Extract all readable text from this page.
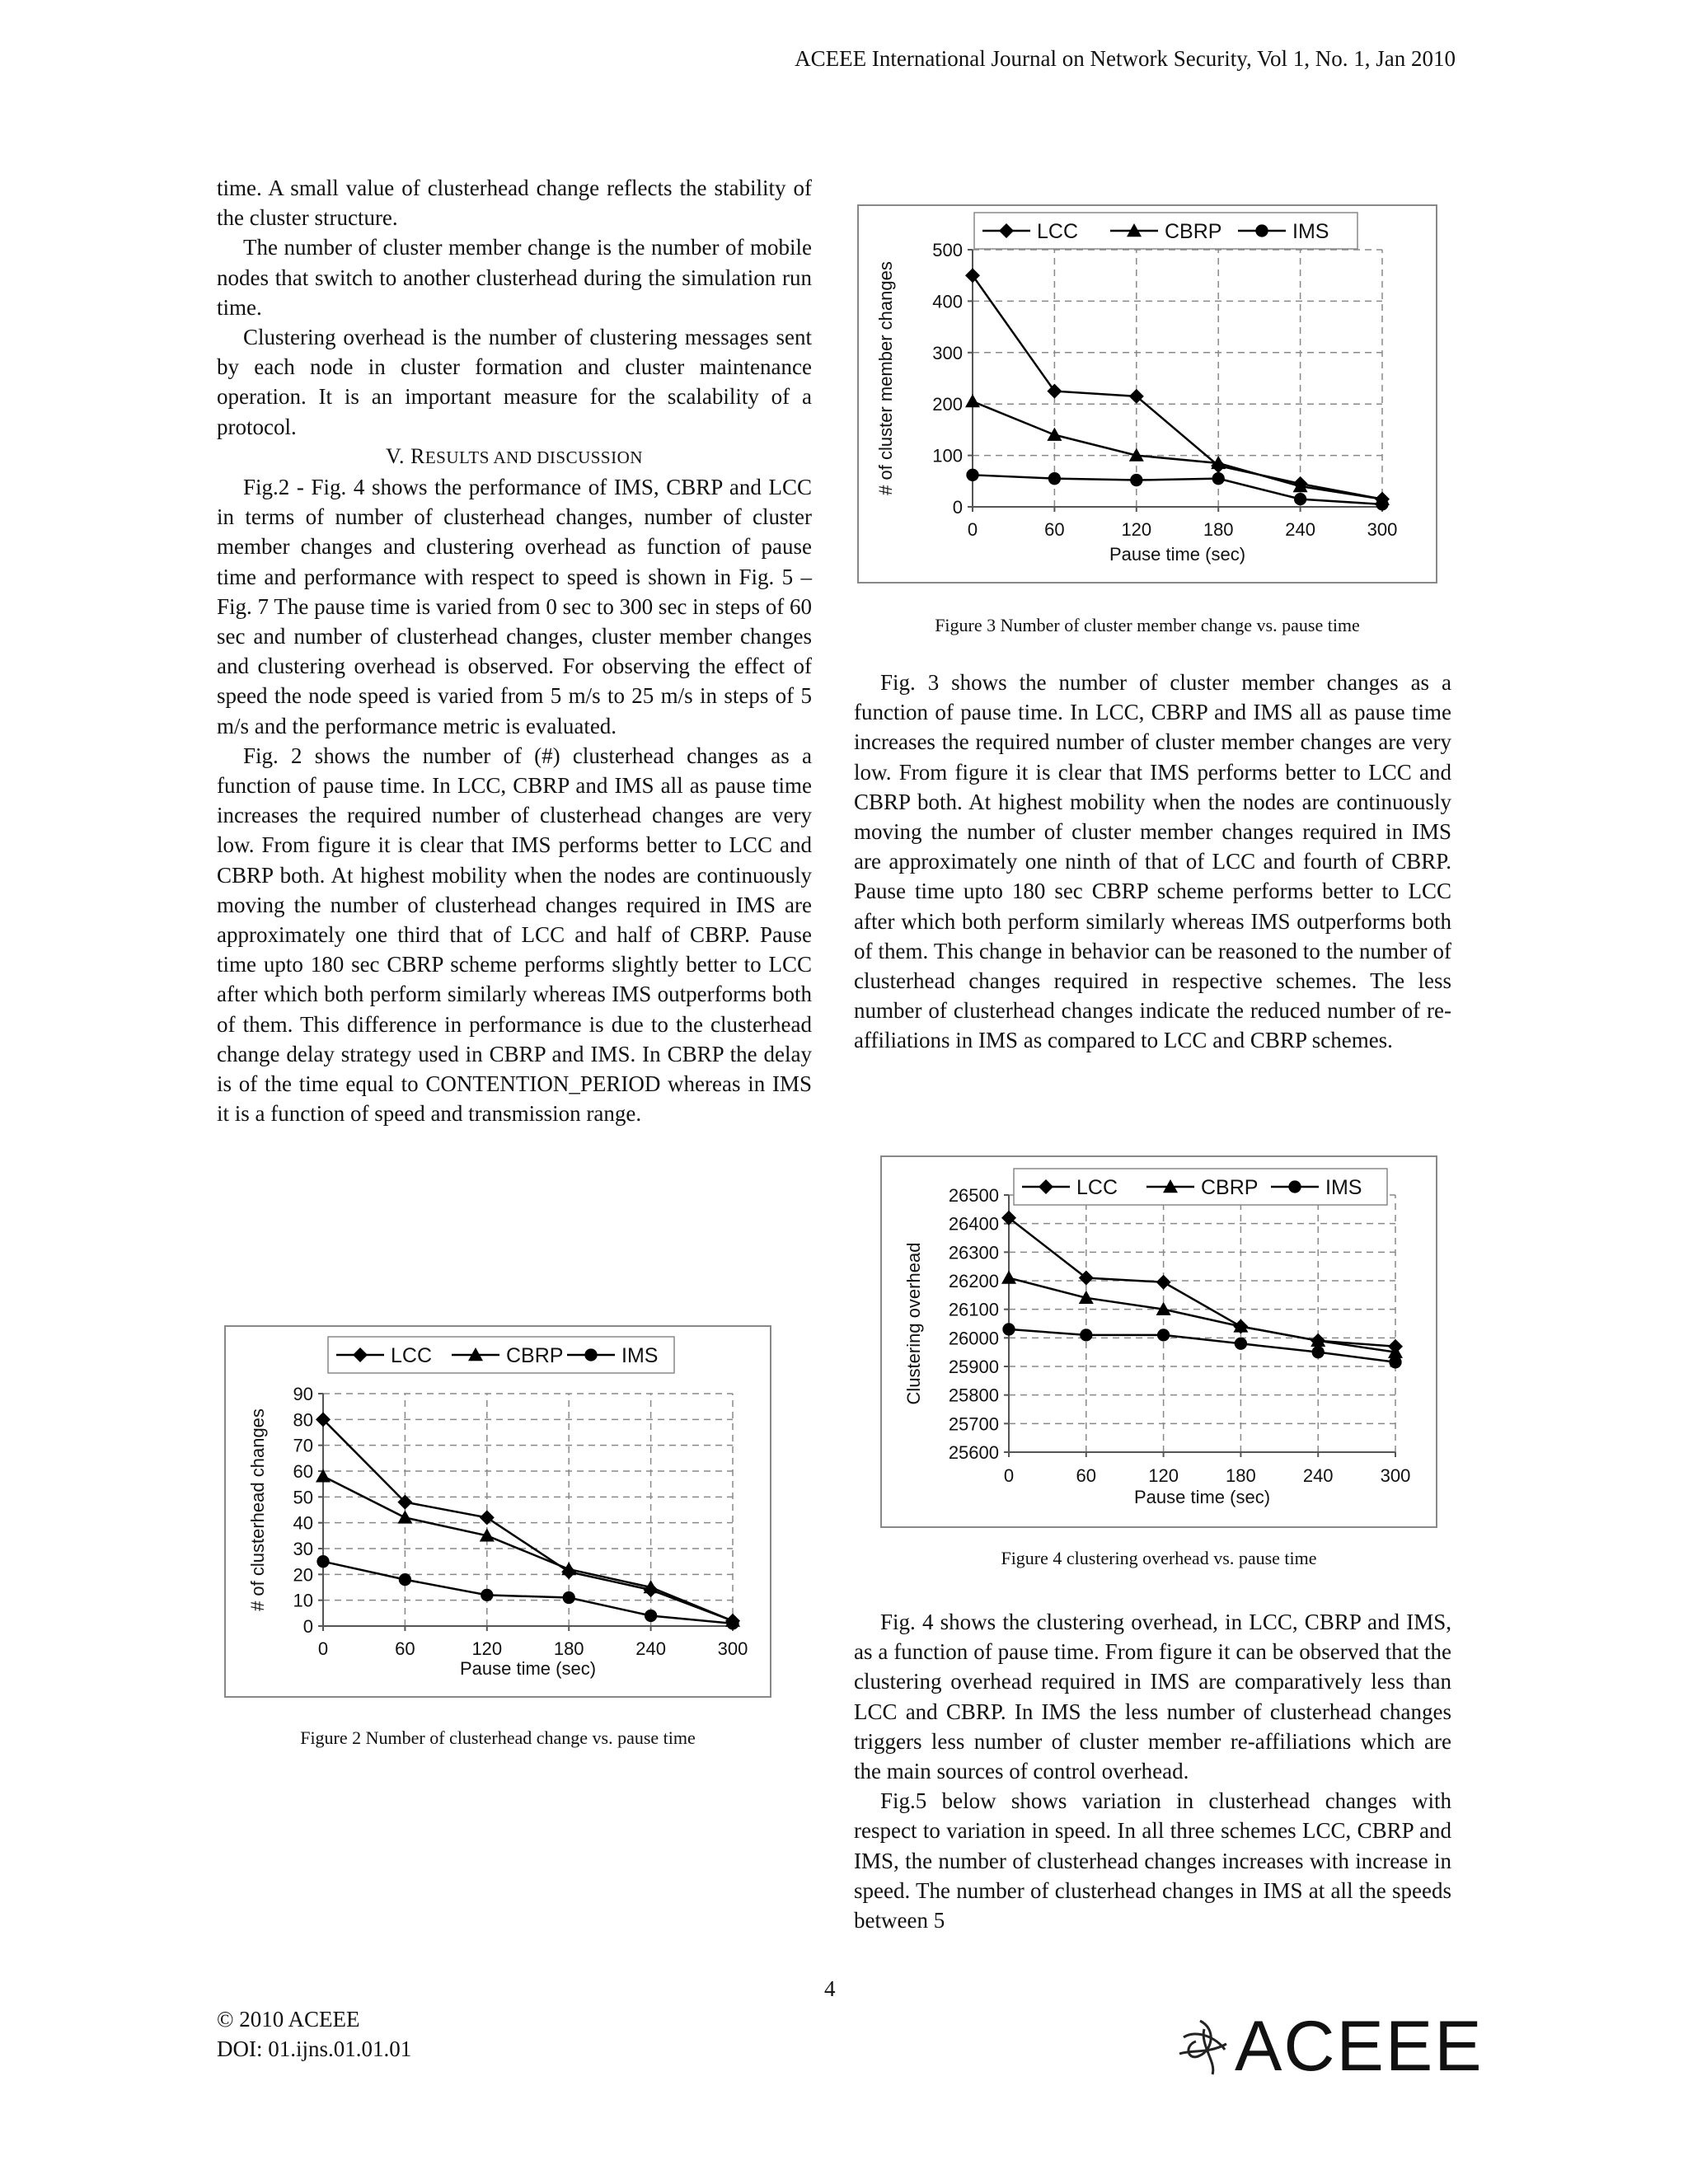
ACEEE International Journal on Network Security, Vol 1, No. 1, Jan 2010

time. A small value of clusterhead change reflects the stability of the cluster structure.

The number of cluster member change is the number of mobile nodes that switch to another clusterhead during the simulation run time.

Clustering overhead is the number of clustering messages sent by each node in cluster formation and cluster maintenance operation. It is an important measure for the scalability of a protocol.

V. RESULTS AND DISCUSSION

Fig.2 - Fig. 4 shows the performance of IMS, CBRP and LCC in terms of number of clusterhead changes, number of cluster member changes and clustering overhead as function of pause time and performance with respect to speed is shown in Fig. 5 – Fig. 7 The pause time is varied from 0 sec to 300 sec in steps of 60 sec and number of clusterhead changes, cluster member changes and clustering overhead is observed. For observing the effect of speed the node speed is varied from 5 m/s to 25 m/s in steps of 5 m/s and the performance metric is evaluated.

Fig. 2 shows the number of (#) clusterhead changes as a function of pause time. In LCC, CBRP and IMS all as pause time increases the required number of clusterhead changes are very low. From figure it is clear that IMS performs better to LCC and CBRP both. At highest mobility when the nodes are continuously moving the number of clusterhead changes required in IMS are approximately one third that of LCC and half of CBRP. Pause time upto 180 sec CBRP scheme performs slightly better to LCC after which both perform similarly whereas IMS outperforms both of them. This difference in performance is due to the clusterhead change delay strategy used in CBRP and IMS. In CBRP the delay is of the time equal to CONTENTION_PERIOD whereas in IMS it is a function of speed and transmission range.

0
10
20
30
40
50
60
70
80
90
0	60	120	180	240	300
Pause time (sec)
# of clusterhead changes
LCC	CBRP	IMS
Figure 2 Number of clusterhead change vs. pause time
0
100
200
300
400
500
0	60	120	180	240	300
Pause time (sec)
# of cluster member changes
LCC	CBRP	IMS
Figure 3 Number of cluster member change vs. pause time

Fig. 3 shows the number of cluster member changes as a function of pause time. In LCC, CBRP and IMS all as pause time increases the required number of cluster member changes are very low. From figure it is clear that IMS performs better to LCC and CBRP both. At highest mobility when the nodes are continuously moving the number of cluster member changes required in IMS are approximately one ninth of that of LCC and fourth of CBRP. Pause time upto 180 sec CBRP scheme performs better to LCC after which both perform similarly whereas IMS outperforms both of them. This change in behavior can be reasoned to the number of clusterhead changes required in respective schemes. The less number of clusterhead changes indicate the reduced number of re-affiliations in IMS as compared to LCC and CBRP schemes.

25600
25700
25800
25900
26000
26100
26200
26300
26400
26500
0	60	120	180	240	300
Pause time (sec)
Clustering overhead
LCC	CBRP	IMS
Figure 4 clustering overhead vs. pause time

Fig. 4 shows the clustering overhead, in LCC, CBRP and IMS, as a function of pause time. From figure it can be observed that the clustering overhead required in IMS are comparatively less than LCC and CBRP. In IMS the less number of clusterhead changes triggers less number of cluster member re-affiliations which are the main sources of control overhead.

Fig.5 below shows variation in clusterhead changes with respect to variation in speed. In all three schemes LCC, CBRP and IMS, the number of clusterhead changes increases with increase in speed. The number of clusterhead changes in IMS at all the speeds between 5

4
© 2010 ACEEE
DOI: 01.ijns.01.01.01	ACEEE
